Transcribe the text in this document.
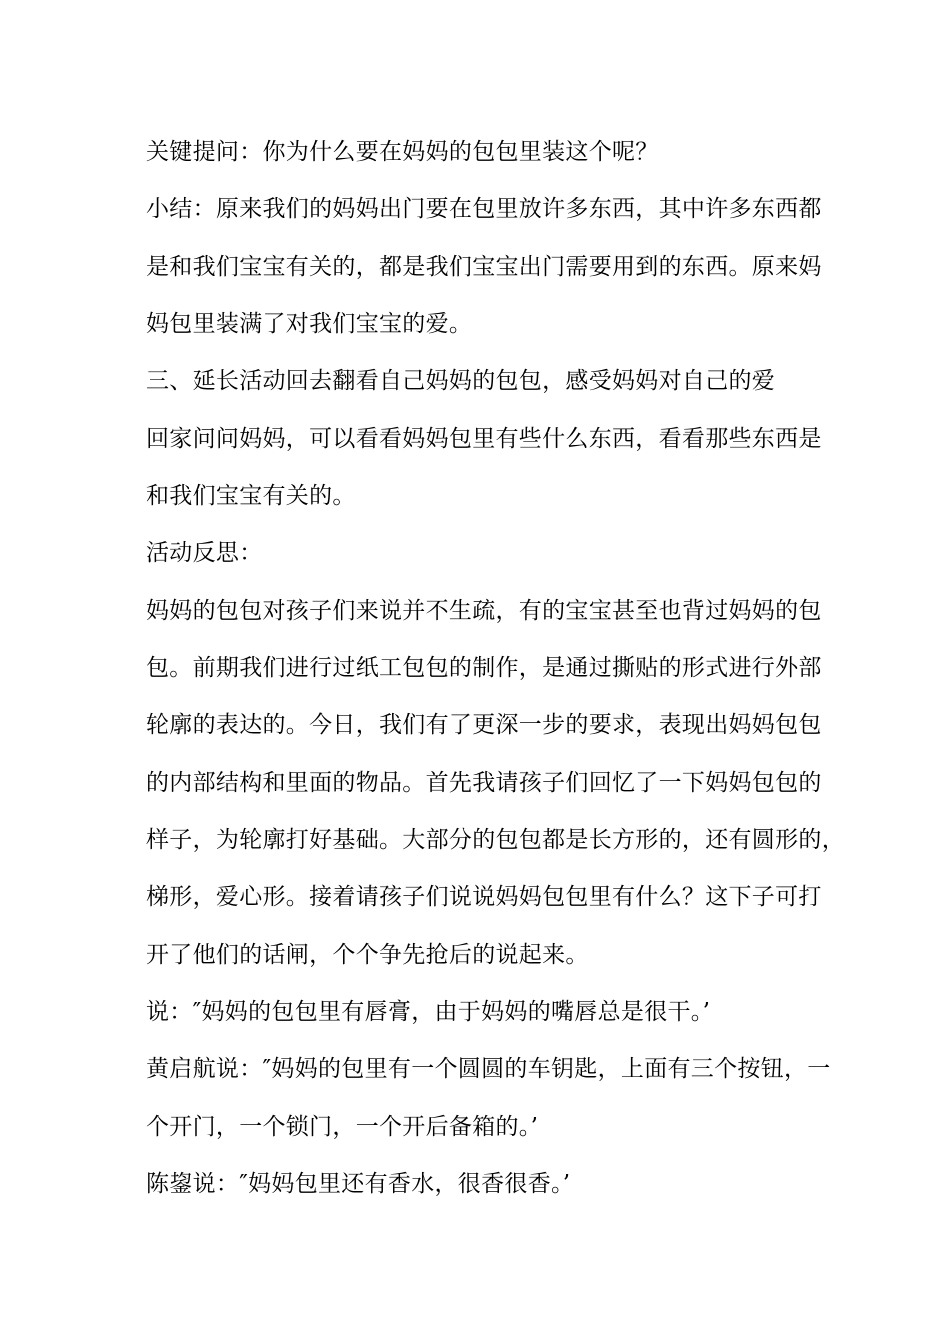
关键提问：你为什么要在妈妈的包包里装这个呢？
小结：原来我们的妈妈出门要在包里放许多东西，其中许多东西都
是和我们宝宝有关的，都是我们宝宝出门需要用到的东西。原来妈
妈包里装满了对我们宝宝的爱。
三、延长活动回去翻看自己妈妈的包包，感受妈妈对自己的爱
回家问问妈妈，可以看看妈妈包里有些什么东西，看看那些东西是
和我们宝宝有关的。
活动反思：
妈妈的包包对孩子们来说并不生疏，有的宝宝甚至也背过妈妈的包
包。前期我们进行过纸工包包的制作，是通过撕贴的形式进行外部
轮廓的表达的。今日，我们有了更深一步的要求，表现出妈妈包包
的内部结构和里面的物品。首先我请孩子们回忆了一下妈妈包包的
样子，为轮廓打好基础。大部分的包包都是长方形的，还有圆形的，
梯形，爱心形。接着请孩子们说说妈妈包包里有什么？这下子可打
开了他们的话闸，个个争先抢后的说起来。
说：″妈妈的包包里有唇膏，由于妈妈的嘴唇总是很干。’
黄启航说：″妈妈的包里有一个圆圆的车钥匙，上面有三个按钮，一
个开门，一个锁门，一个开后备箱的。’
陈鋆说：″妈妈包里还有香水，很香很香。’
